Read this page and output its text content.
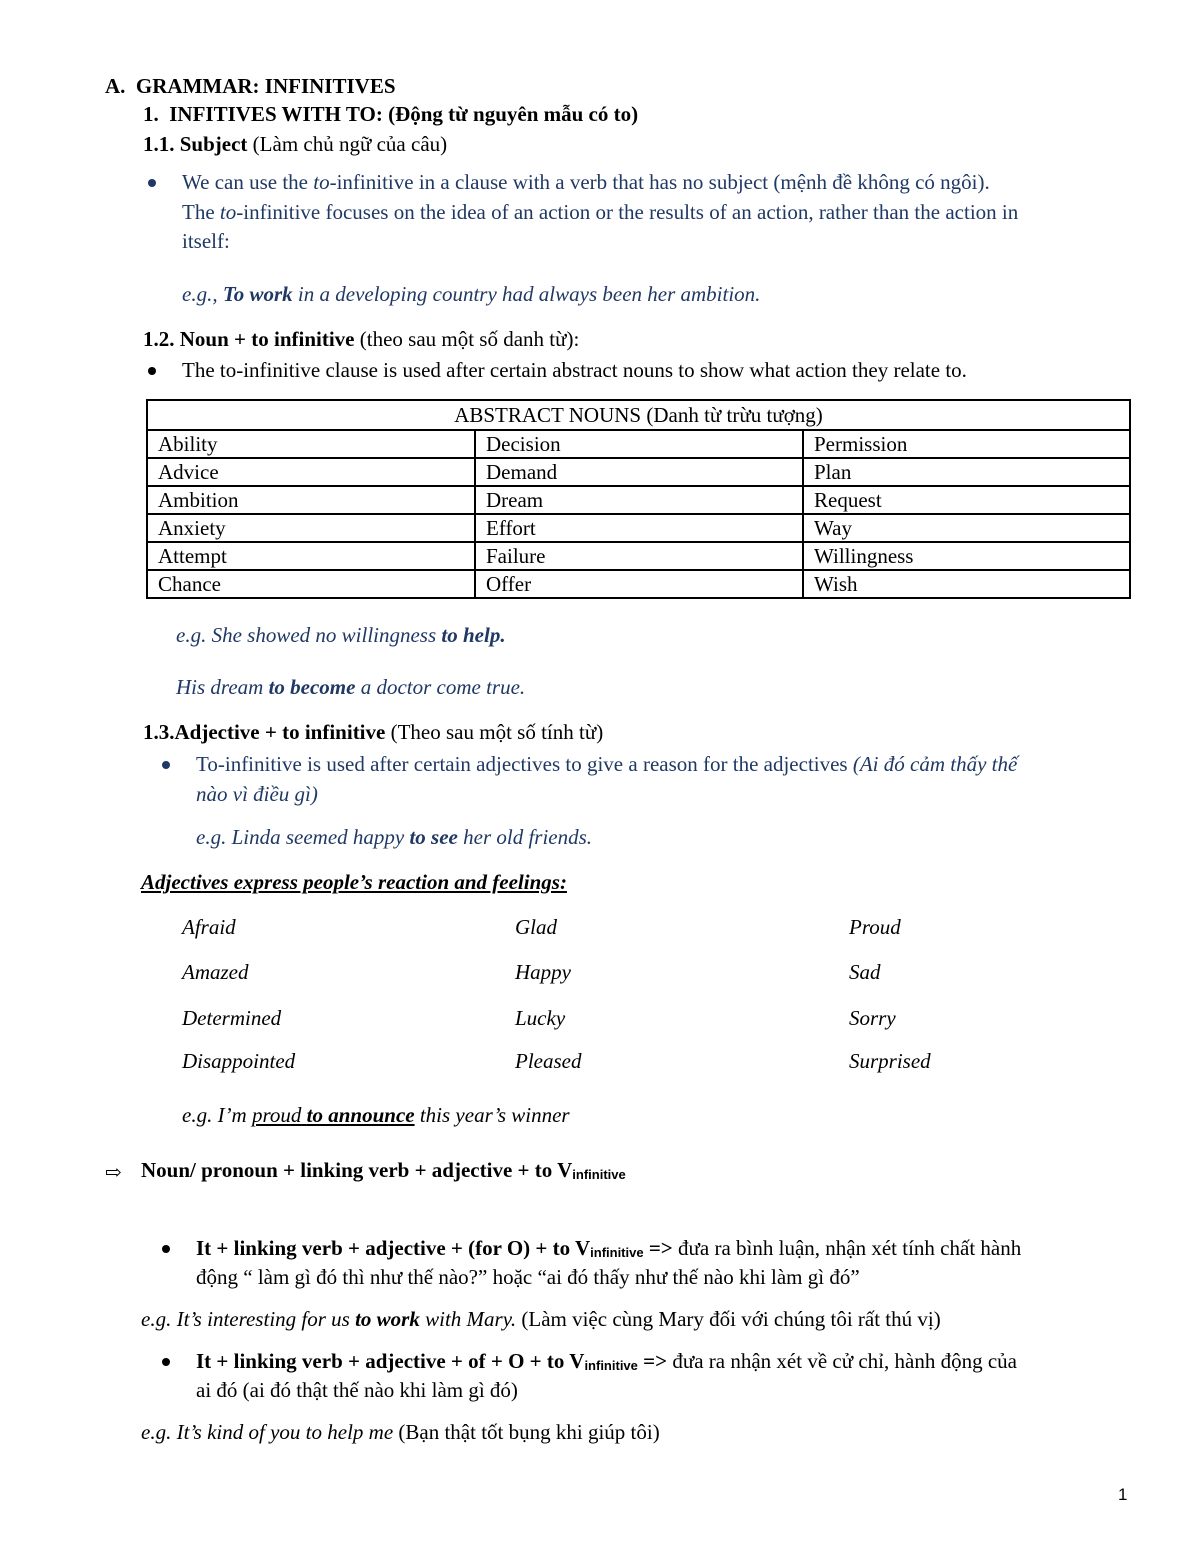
A. GRAMMAR: INFINITIVES
1. INFITIVES WITH TO: (Động từ nguyên mẫu có to)
1.1. Subject (Làm chủ ngữ của câu)
We can use the to-infinitive in a clause with a verb that has no subject (mệnh đề không có ngôi).
The to-infinitive focuses on the idea of an action or the results of an action, rather than the action in
itself:
e.g., To work in a developing country had always been her ambition.
1.2. Noun + to infinitive (theo sau một số danh từ):
The to-infinitive clause is used after certain abstract nouns to show what action they relate to.
ABSTRACT NOUNS (Danh từ trừu tượng)		
Ability	Decision	Permission
Advice	Demand	Plan
Ambition	Dream	Request
Anxiety	Effort	Way
Attempt	Failure	Willingness
Chance	Offer	Wish
e.g. She showed no willingness to help.
His dream to become a doctor come true.
1.3.Adjective + to infinitive (Theo sau một số tính từ)
To-infinitive is used after certain adjectives to give a reason for the adjectives (Ai đó cảm thấy thế
nào vì điều gì)
e.g. Linda seemed happy to see her old friends.
Adjectives express people’s reaction and feelings:
Afraid	Glad	Proud
Amazed	Happy	Sad
Determined	Lucky	Sorry
Disappointed	Pleased	Surprised
e.g. I’m proud to announce this year’s winner
⇨ Noun/ pronoun + linking verb + adjective + to $V_{infinitive}$
It + linking verb + adjective + (for O) + to $V_{infinitive}$ => đưa ra bình luận, nhận xét tính chất hành
động “ làm gì đó thì như thế nào?” hoặc “ai đó thấy như thế nào khi làm gì đó”
e.g. It’s interesting for us to work with Mary. (Làm việc cùng Mary đối với chúng tôi rất thú vị)
It + linking verb + adjective + of + O + to $V_{infinitive}$ => đưa ra nhận xét về cử chỉ, hành động của
ai đó (ai đó thật thế nào khi làm gì đó)
e.g. It’s kind of you to help me (Bạn thật tốt bụng khi giúp tôi)
1
